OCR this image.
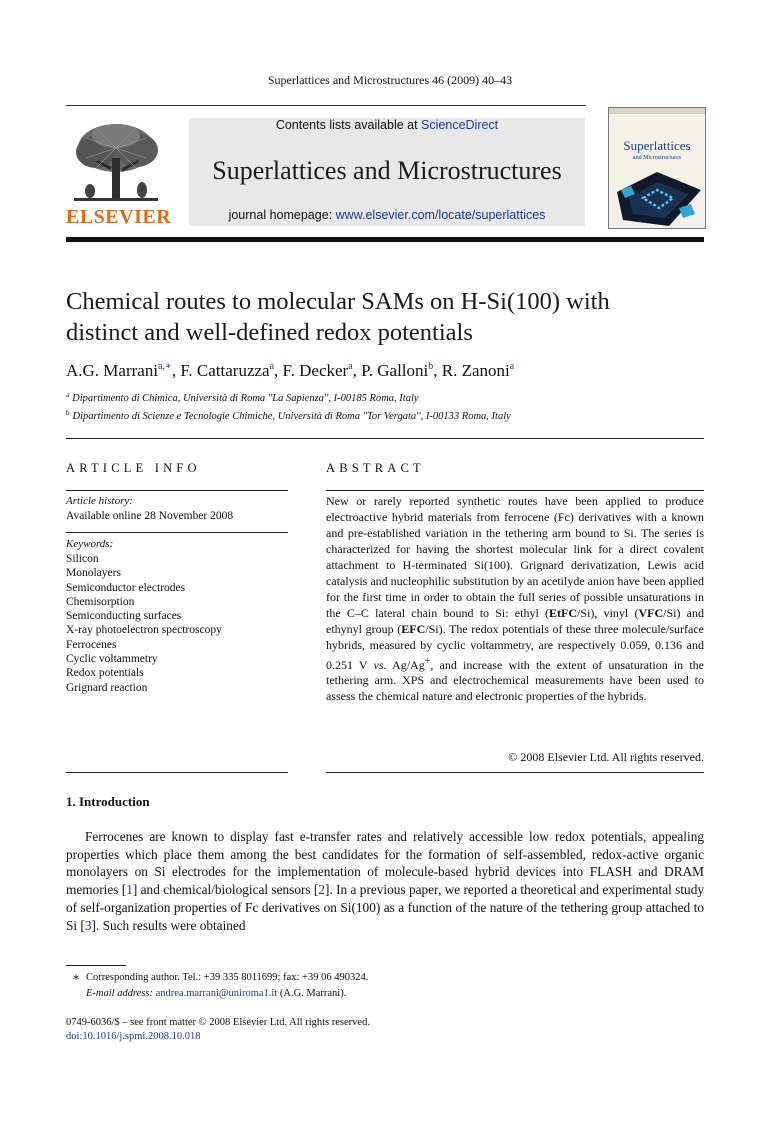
Superlattices and Microstructures 46 (2009) 40–43
ELSEVIER
Contents lists available at ScienceDirect
Superlattices and Microstructures
journal homepage: www.elsevier.com/locate/superlattices
Superlattices
and Microstructures
Chemical routes to molecular SAMs on H-Si(100) with
distinct and well-defined redox potentials
A.G. Marrani$^{a,∗}$, F. Cattaruzza$^a$, F. Decker$^a$, P. Galloni$^b$, R. Zanoni$^a$
$^a$ Dipartimento di Chimica, Università di Roma ''La Sapienza'', I-00185 Roma, Italy
$^b$ Dipartimento di Scienze e Tecnologie Chimiche, Università di Roma ''Tor Vergata'', I-00133 Roma, Italy
ARTICLE INFO
Article history:
Available online 28 November 2008
Keywords:
Silicon
Monolayers
Semiconductor electrodes
Chemisorption
Semiconducting surfaces
X-ray photoelectron spectroscopy
Ferrocenes
Cyclic voltammetry
Redox potentials
Grignard reaction
ABSTRACT
New or rarely reported synthetic routes have been applied to produce electroactive hybrid materials from ferrocene (Fc) derivatives with a known and pre-established variation in the tethering arm bound to Si. The series is characterized for having the shortest molecular link for a direct covalent attachment to H-terminated Si(100). Grignard derivatization, Lewis acid catalysis and nucleophilic substitution by an acetilyde anion have been applied for the first time in order to obtain the full series of possible unsaturations in the C–C lateral chain bound to Si: ethyl (EtFC/Si), vinyl (VFC/Si) and ethynyl group (EFC/Si). The redox potentials of these three molecule/surface hybrids, measured by cyclic voltammetry, are respectively 0.059, 0.136 and 0.251 V vs. Ag/Ag+, and increase with the extent of unsaturation in the tethering arm. XPS and electrochemical measurements have been used to assess the chemical nature and electronic properties of the hybrids.
© 2008 Elsevier Ltd. All rights reserved.
1. Introduction
Ferrocenes are known to display fast e-transfer rates and relatively accessible low redox potentials, appealing properties which place them among the best candidates for the formation of self-assembled, redox-active organic monolayers on Si electrodes for the implementation of molecule-based hybrid devices into FLASH and DRAM memories [1] and chemical/biological sensors [2]. In a previous paper, we reported a theoretical and experimental study of self-organization properties of Fc derivatives on Si(100) as a function of the nature of the tethering group attached to Si [3]. Such results were obtained
∗ Corresponding author. Tel.: +39 335 8011699; fax: +39 06 490324.
E-mail address: andrea.marrani@uniroma1.it (A.G. Marrani).
0749-6036/$ – see front matter © 2008 Elsevier Ltd. All rights reserved.
doi:10.1016/j.spmi.2008.10.018
